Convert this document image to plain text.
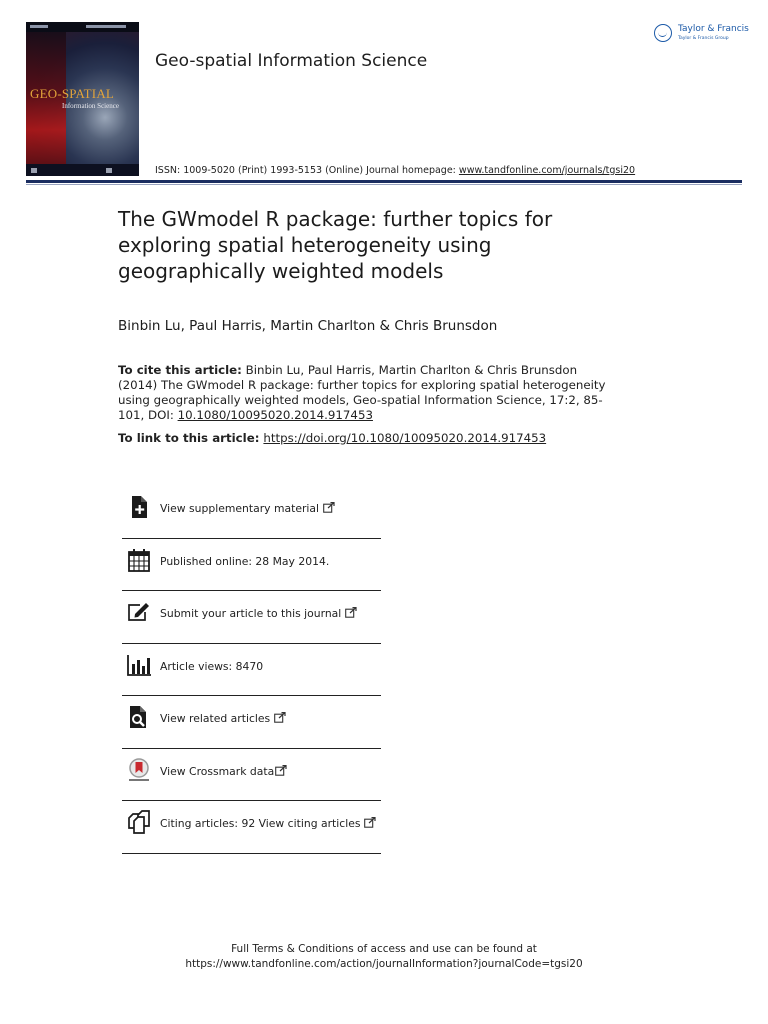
GEO-SPATIAL
Information Science
Geo-spatial Information Science
ISSN: 1009-5020 (Print) 1993-5153 (Online) Journal homepage: www.tandfonline.com/journals/tgsi20
Taylor & Francis
Taylor & Francis Group
The GWmodel R package: further topics for exploring spatial heterogeneity using geographically weighted models
Binbin Lu, Paul Harris, Martin Charlton & Chris Brunsdon
To cite this article: Binbin Lu, Paul Harris, Martin Charlton & Chris Brunsdon (2014) The GWmodel R package: further topics for exploring spatial heterogeneity using geographically weighted models, Geo-spatial Information Science, 17:2, 85-101, DOI: 10.1080/10095020.2014.917453
To link to this article: https://doi.org/10.1080/10095020.2014.917453
View supplementary material
Published online: 28 May 2014.
Submit your article to this journal
Article views: 8470
View related articles
View Crossmark data
Citing articles: 92 View citing articles
Full Terms & Conditions of access and use can be found at
https://www.tandfonline.com/action/journalInformation?journalCode=tgsi20
